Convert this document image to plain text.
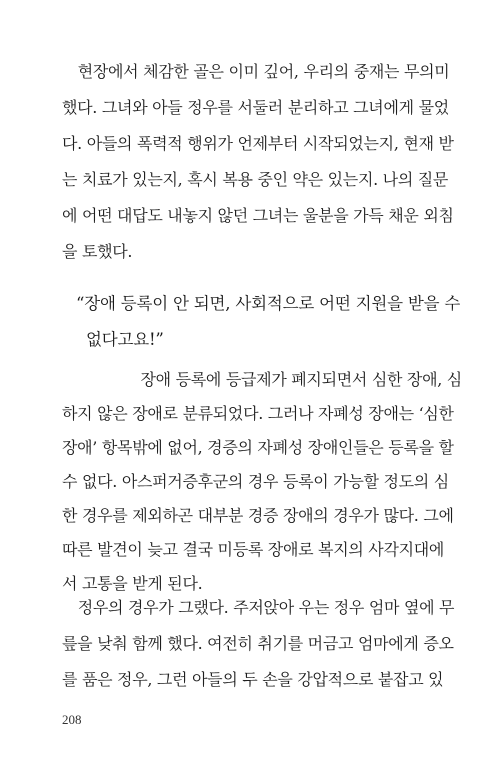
　현장에서 체감한 골은 이미 깊어, 우리의 중재는 무의미
했다. 그녀와 아들 정우를 서둘러 분리하고 그녀에게 물었
다. 아들의 폭력적 행위가 언제부터 시작되었는지, 현재 받
는 치료가 있는지, 혹시 복용 중인 약은 있는지. 나의 질문
에 어떤 대답도 내놓지 않던 그녀는 울분을 가득 채운 외침
을 토했다.
“장애 등록이 안 되면, 사회적으로 어떤 지원을 받을 수
없다고요!”
　　　　　장애 등록에 등급제가 폐지되면서 심한 장애, 심
하지 않은 장애로 분류되었다. 그러나 자폐성 장애는 ‘심한
장애’ 항목밖에 없어, 경증의 자폐성 장애인들은 등록을 할
수 없다. 아스퍼거증후군의 경우 등록이 가능할 정도의 심
한 경우를 제외하곤 대부분 경증 장애의 경우가 많다. 그에
따른 발견이 늦고 결국 미등록 장애로 복지의 사각지대에
서 고통을 받게 된다.
　정우의 경우가 그랬다. 주저앉아 우는 정우 엄마 옆에 무
릎을 낮춰 함께 했다. 여전히 취기를 머금고 엄마에게 증오
208
를 품은 정우, 그런 아들의 두 손을 강압적으로 붙잡고 있
